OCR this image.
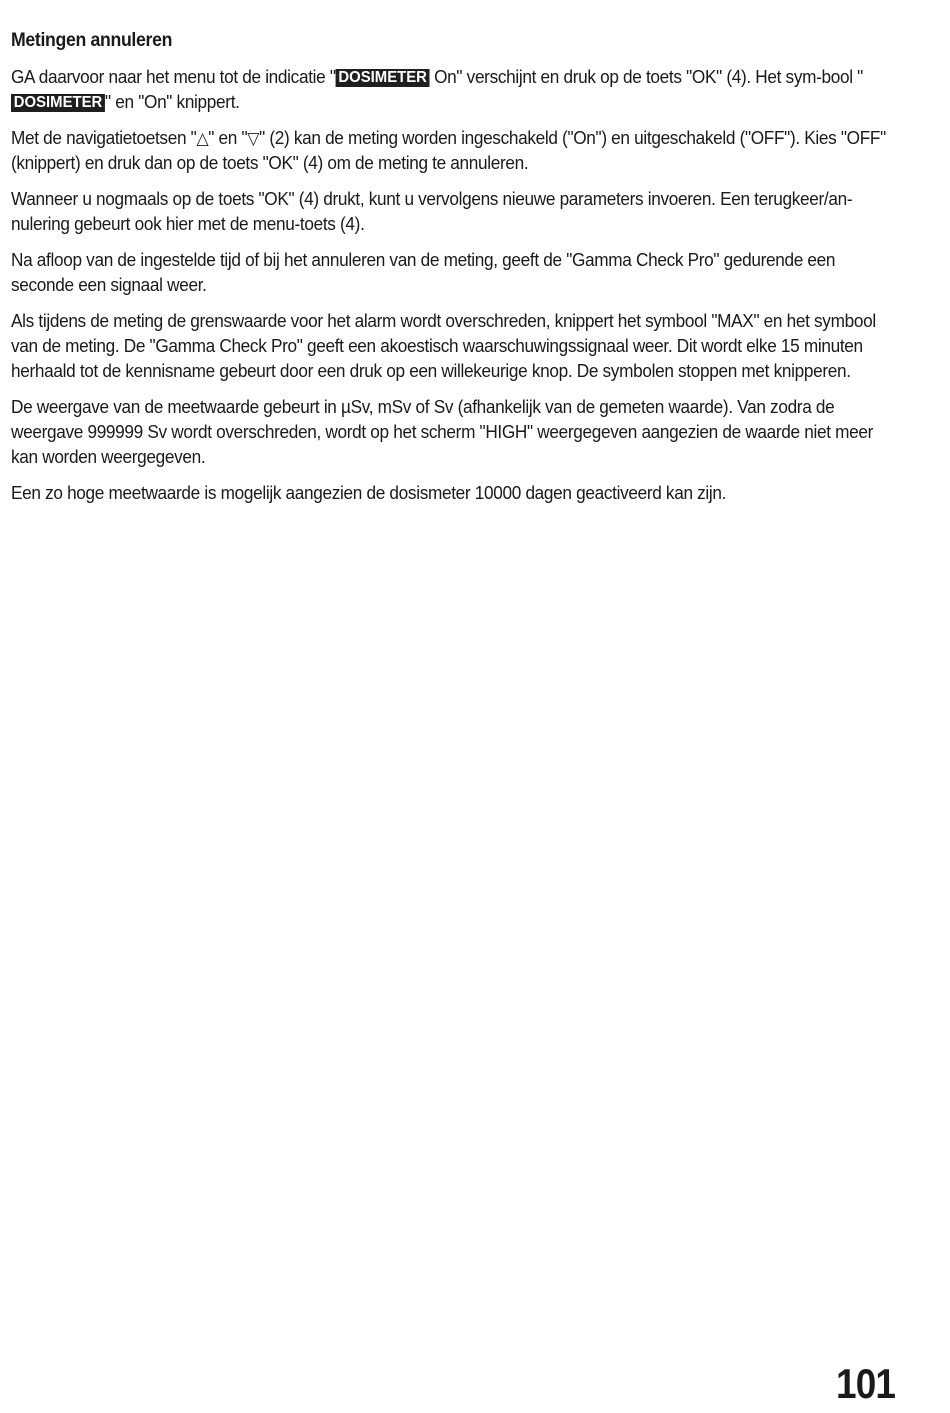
Metingen annuleren

GA daarvoor naar het menu tot de indicatie " DOSIMETER On" verschijnt en druk op de toets "OK" (4). Het sym-bool "DOSIMETER " en "On" knippert.

Met de navigatietoetsen "△" en "▽" (2) kan de meting worden ingeschakeld ("On") en uitgeschakeld ("OFF"). Kies "OFF" (knippert) en druk dan op de toets "OK" (4) om de meting te annuleren.

Wanneer u nogmaals op de toets "OK" (4) drukt, kunt u vervolgens nieuwe parameters invoeren. Een terugkeer/an-nulering gebeurt ook hier met de menu-toets (4).

Na afloop van de ingestelde tijd of bij het annuleren van de meting, geeft de "Gamma Check Pro" gedurende een seconde een signaal weer.

Als tijdens de meting de grenswaarde voor het alarm wordt overschreden, knippert het symbool "MAX" en het symbool van de meting. De "Gamma Check Pro" geeft een akoestisch waarschuwingssignaal weer. Dit wordt elke 15 minuten herhaald tot de kennisname gebeurt door een druk op een willekeurige knop. De symbolen stoppen met knipperen.

De weergave van de meetwaarde gebeurt in µSv, mSv of Sv (afhankelijk van de gemeten waarde). Van zodra de weergave 999999 Sv wordt overschreden, wordt op het scherm "HIGH" weergegeven aangezien de waarde niet meer kan worden weergegeven.

Een zo hoge meetwaarde is mogelijk aangezien de dosismeter 10000 dagen geactiveerd kan zijn.

101
